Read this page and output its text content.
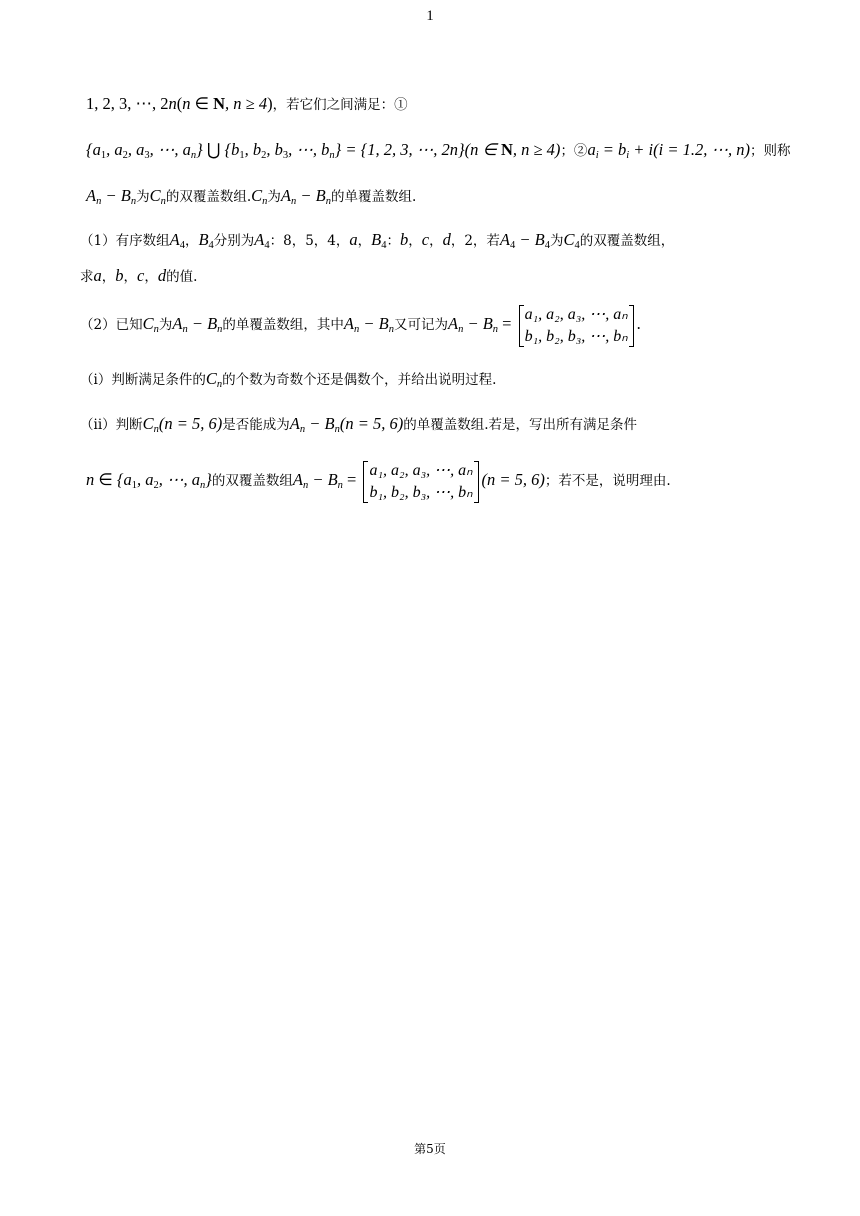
1
1, 2, 3, ⋯, 2n(n ∈ N, n ≥ 4)，若它们之间满足：①
{$a_1$, $a_2$, $a_3$, ⋯, $a_n$} ⋃ {$b_1$, $b_2$, $b_3$, ⋯, $b_n\} = \{1$, 2, 3, ⋯, 2n}(n ∈ N, n ≥ 4)；$②a_i = b_i + i(i = 1.2$, ⋯, n)；则称
$A_n - B_n$为$C_n$的双覆盖数组$.C_n$为$A_n - B_n$的单覆盖数组.
（1）有序数组$A_4$，$B_4$分别为$A_4$：8，5，4，a，$B_4$：b，c，d，2，若$A_4 - B_4$为$C_4$的双覆盖数组，
求a，b，c，d的值.
（2）已知$C_n$为$A_n - B_n$的单覆盖数组，其中$A_n - B_n$又可记为$A_n - B_n = a_1$, a₂, a₃, ⋯, aₙ
b₁, b₂, b₃, ⋯, bₙ
.
（i）判断满足条件的$C_n$的个数为奇数个还是偶数个，并给出说明过程.
（ii）判断$C_n(n = 5$, 6)是否能成为$A_n - B_n(n = 5$, 6)的单覆盖数组.若是，写出所有满足条件
n ∈ {$a_1$, $a_2$, ⋯, $a_n$}的双覆盖数组$A_n - B_n = a_1$, a₂, a₃, ⋯, aₙ
b₁, b₂, b₃, ⋯, bₙ
(n = 5, 6)；若不是，说明理由.
第5页
